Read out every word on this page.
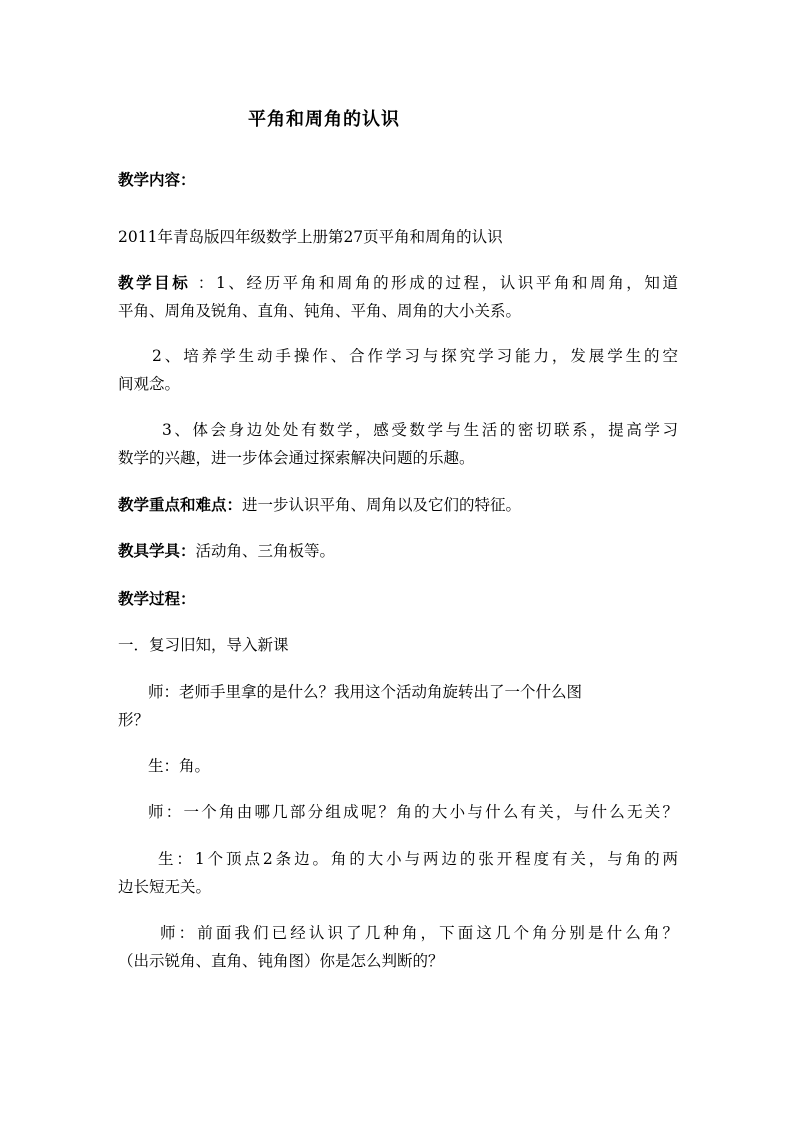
平角和周角的认识
教学内容：
2011年青岛版四年级数学上册第27页平角和周角的认识
教学目标 ：1、经历平角和周角的形成的过程，认识平角和周角，知道
平角、周角及锐角、直角、钝角、平角、周角的大小关系。
2、培养学生动手操作、合作学习与探究学习能力，发展学生的空
间观念。
3、体会身边处处有数学，感受数学与生活的密切联系，提高学习
数学的兴趣，进一步体会通过探索解决问题的乐趣。
教学重点和难点：进一步认识平角、周角以及它们的特征。
教具学具：活动角、三角板等。
教学过程：
一．复习旧知，导入新课
师：老师手里拿的是什么？我用这个活动角旋转出了一个什么图
形？
生：角。
师：一个角由哪几部分组成呢？角的大小与什么有关，与什么无关？
生：1个顶点2条边。角的大小与两边的张开程度有关，与角的两
边长短无关。
师：前面我们已经认识了几种角，下面这几个角分别是什么角？
（出示锐角、直角、钝角图）你是怎么判断的？
